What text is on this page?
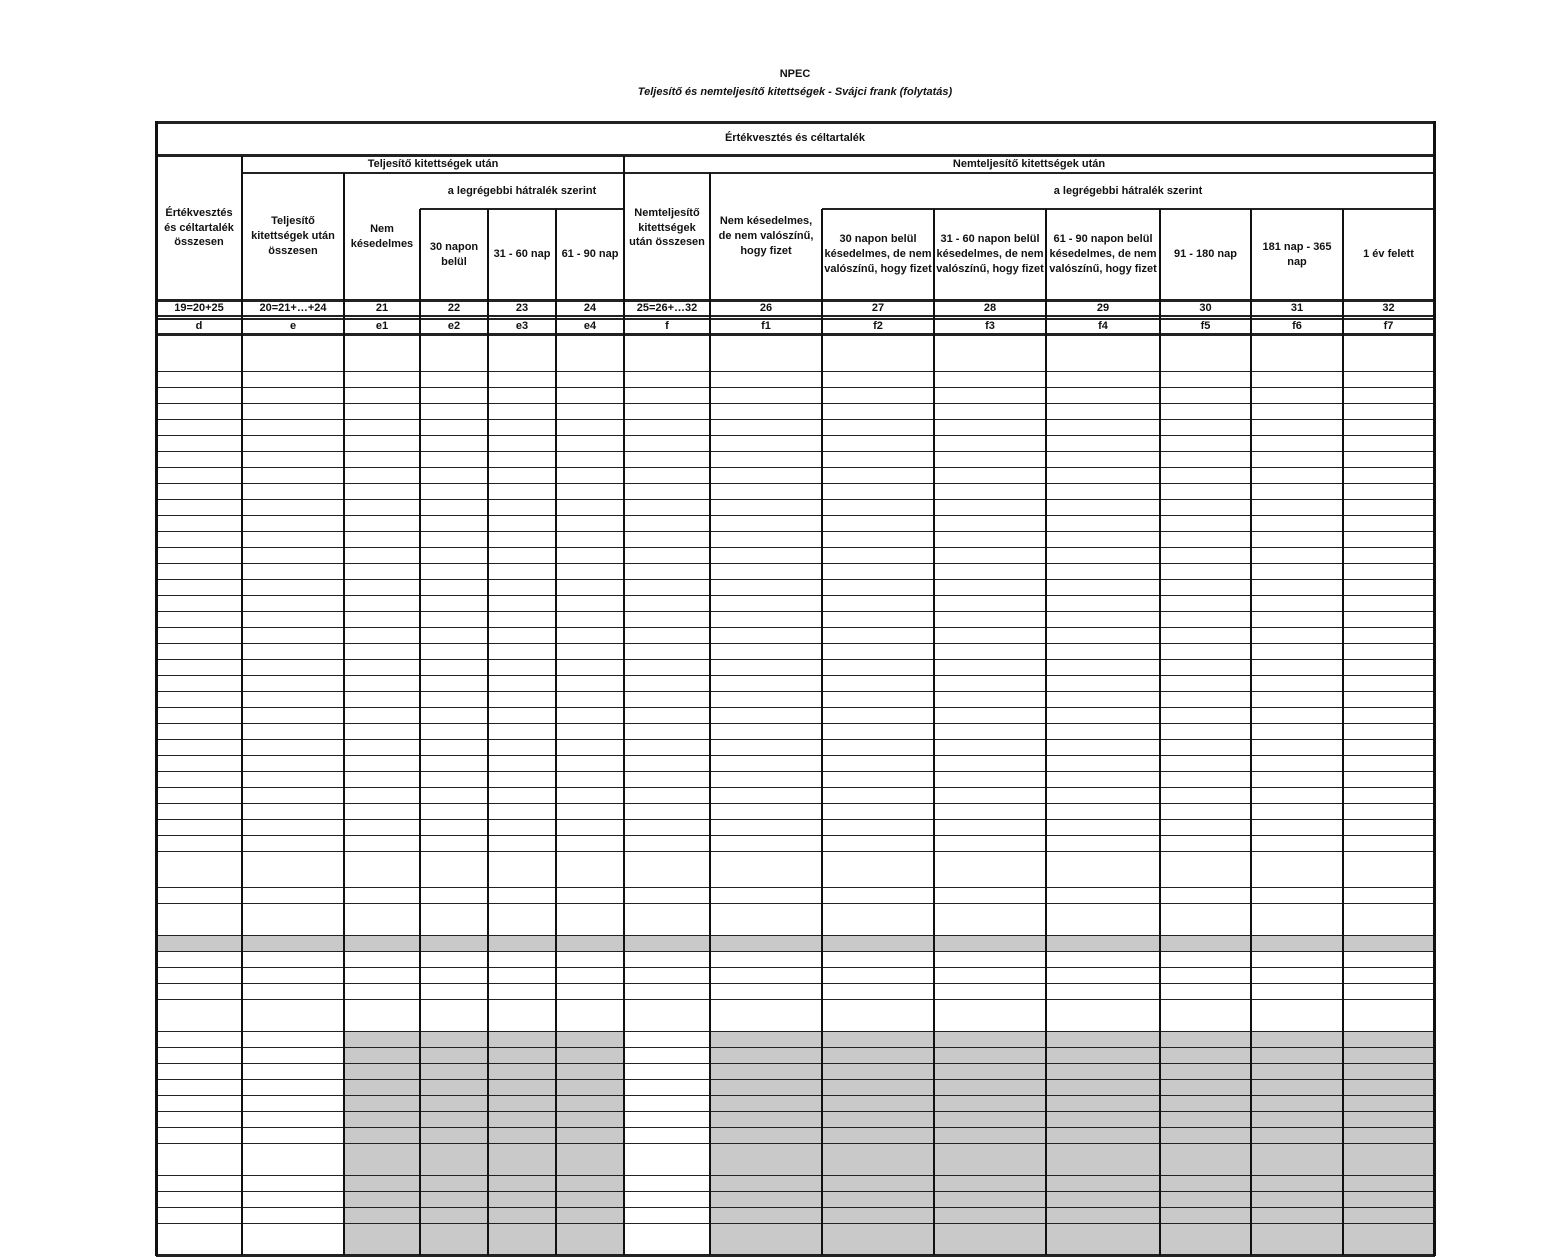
NPEC
Teljesítő és nemteljesítő kitettségek - Svájci frank (folytatás)
Értékvesztés és céltartalék
Teljesítő kitettségek után	Nemteljesítő kitettségek után
a legrégebbi hátralék szerint	a legrégebbi hátralék szerint
Értékvesztés és céltartalék összesen
19=20+25
d
Teljesítő kitettségek után összesen
20=21+…+24
e
Nem késedelmes
21
e1
30 napon belül
22
e2
31 - 60 nap
23
e3
61 - 90 nap
24
e4
Nemteljesítő kitettségek után összesen
25=26+…32
f
Nem késedelmes, de nem valószínű, hogy fizet
26
f1
30 napon belül késedelmes, de nem valószínű, hogy fizet
27
f2
31 - 60 napon belül késedelmes, de nem valószínű, hogy fizet
28
f3
61 - 90 napon belül késedelmes, de nem valószínű, hogy fizet
29
f4
91 - 180 nap
30
f5
181 nap - 365 nap
31
f6
1 év felett
32
f7
